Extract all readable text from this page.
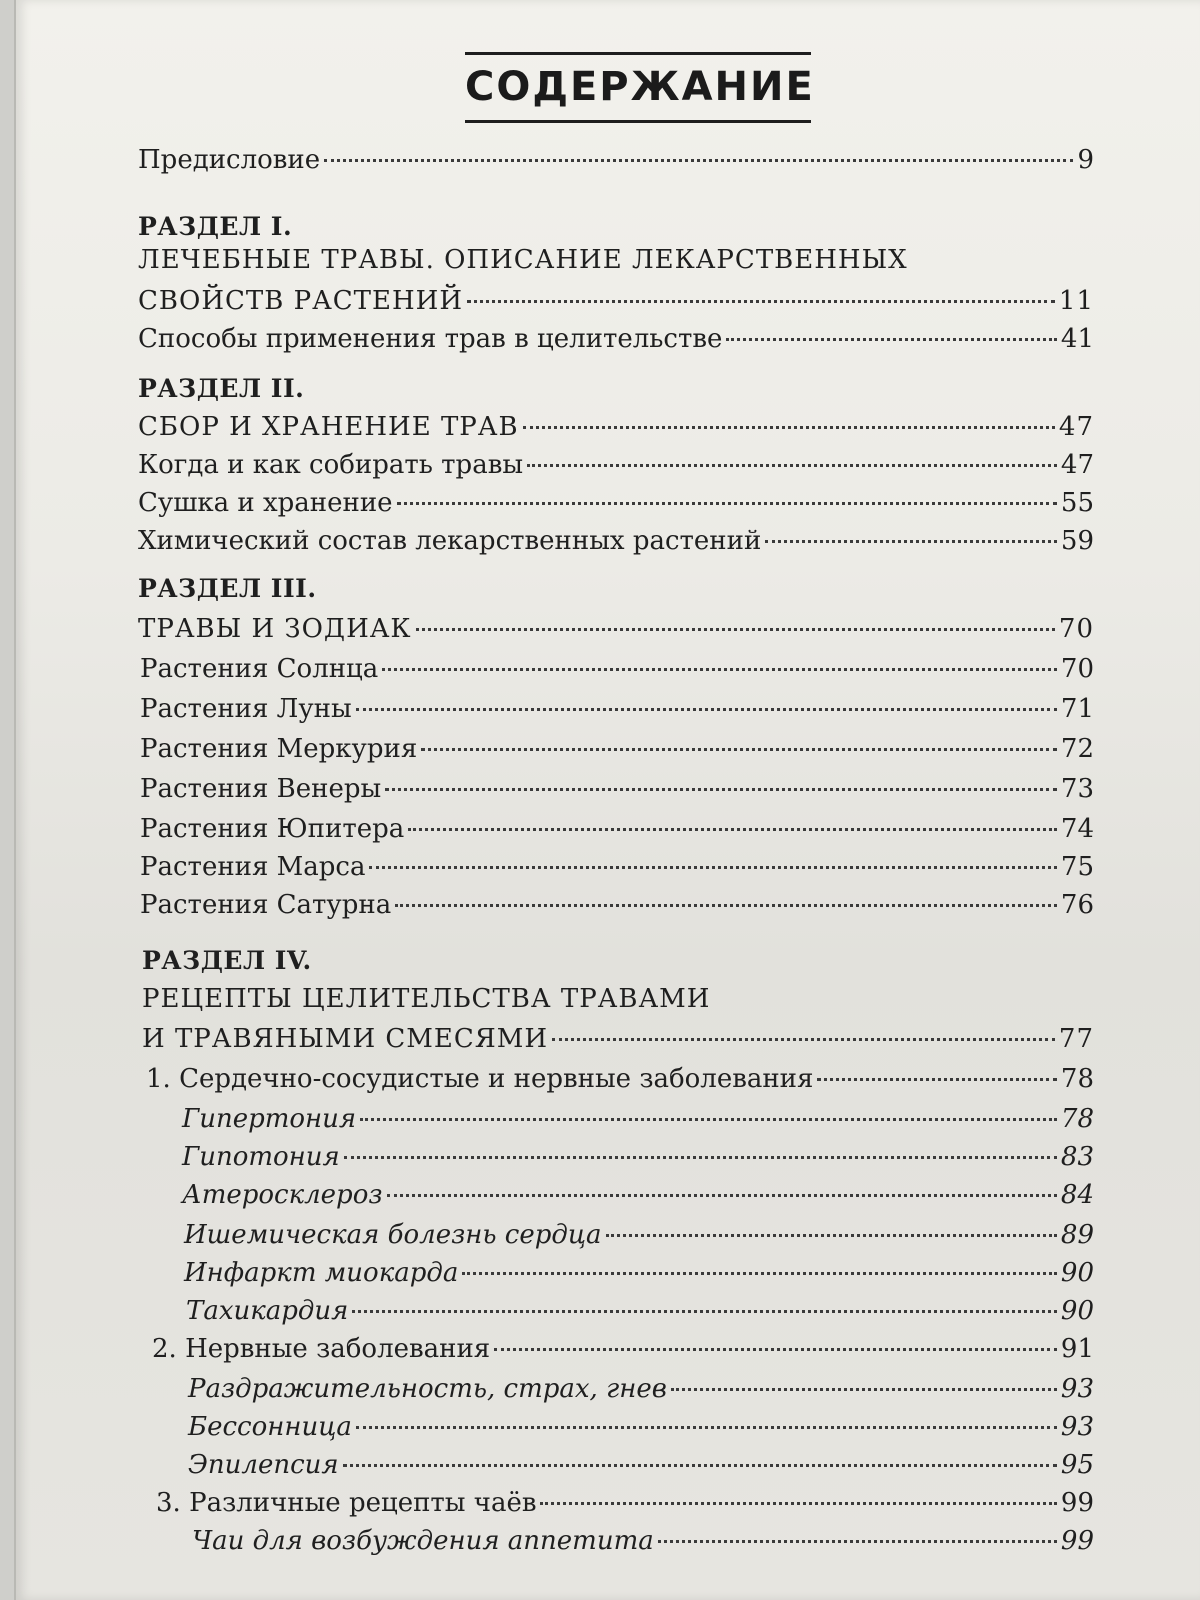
СОДЕРЖАНИЕ
Предисловие	9
РАЗДЕЛ I.
ЛЕЧЕБНЫЕ ТРАВЫ. ОПИСАНИЕ ЛЕКАРСТВЕННЫХ
СВОЙСТВ РАСТЕНИЙ	11
Способы применения трав в целительстве	41
РАЗДЕЛ II.
СБОР И ХРАНЕНИЕ ТРАВ	47
Когда и как собирать травы	47
Сушка и хранение	55
Химический состав лекарственных растений	59
РАЗДЕЛ III.
ТРАВЫ И ЗОДИАК	70
Растения Солнца	70
Растения Луны	71
Растения Меркурия	72
Растения Венеры	73
Растения Юпитера	74
Растения Марса	75
Растения Сатурна	76
РАЗДЕЛ IV.
РЕЦЕПТЫ ЦЕЛИТЕЛЬСТВА ТРАВАМИ
И ТРАВЯНЫМИ СМЕСЯМИ	77
1. Сердечно-сосудистые и нервные заболевания	78
Гипертония	78
Гипотония	83
Атеросклероз	84
Ишемическая болезнь сердца	89
Инфаркт миокарда	90
Тахикардия	90
2. Нервные заболевания	91
Раздражительность, страх, гнев	93
Бессонница	93
Эпилепсия	95
3. Различные рецепты чаёв	99
Чаи для возбуждения аппетита	99
